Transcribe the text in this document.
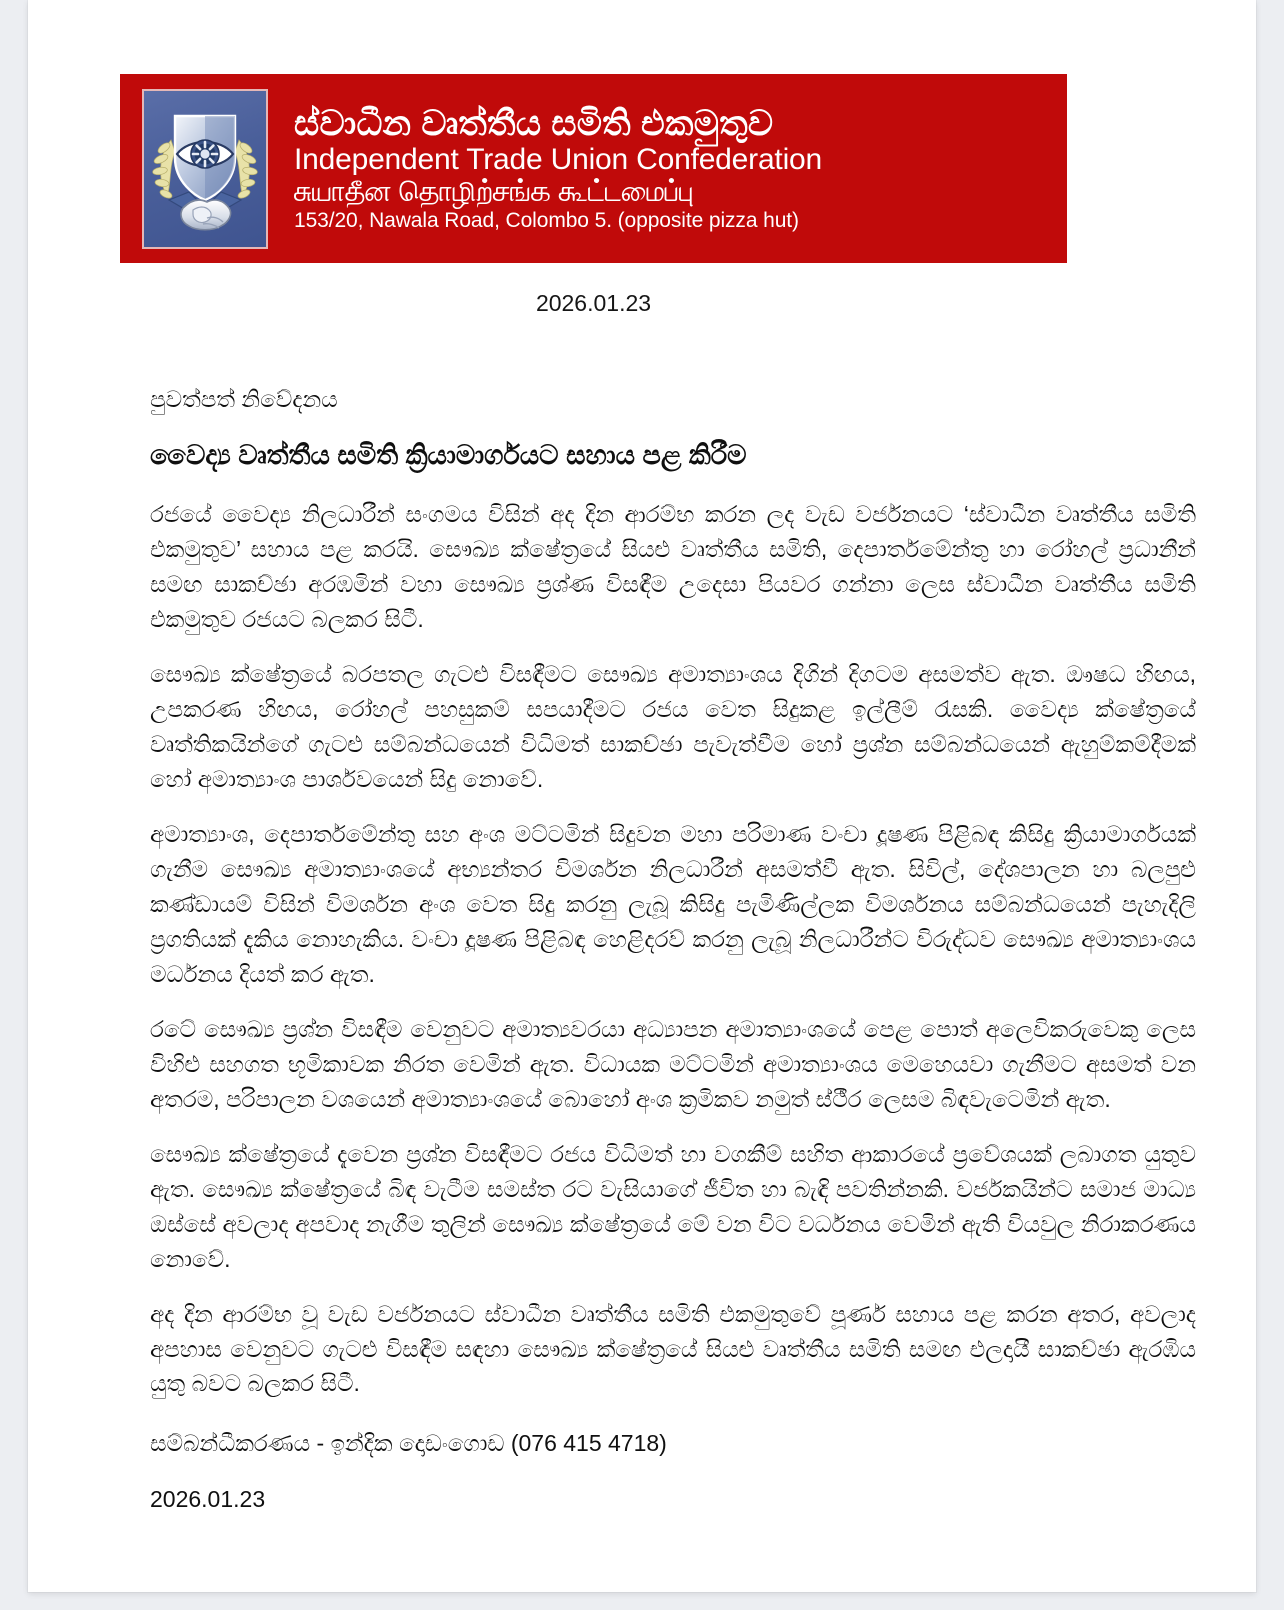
ස්වාධීන වෘත්තීය සමිති එකමුතුව
Independent Trade Union Confederation
சுயாதீன தொழிற்சங்க கூட்டமைப்பு
153/20, Nawala Road, Colombo 5. (opposite pizza hut)
2026.01.23

පුවත්පත් නිවේදනය

වෛද්‍ය වෘත්තීය සමිති ක්‍රියාමාර්ගයට සහාය පළ කිරීම

රජයේ වෛද්‍ය නිලධාරීන් සංගමය විසින් අද දින ආරම්භ කරන ලද වැඩ වර්ජනයට ‘ස්වාධීන වෘත්තීය සමිති එකමුතුව’ සහාය පළ කරයි. සෞඛ්‍ය ක්ෂේත්‍රයේ සියළු වෘත්තීය සමිති, දෙපාර්තමේන්තු හා රෝහල් ප්‍රධානීන් සමඟ සාකච්ඡා අරඹමින් වහා සෞඛ්‍ය ප්‍රශ්ණ විසඳීම උදෙසා පියවර ගන්නා ලෙස ස්වාධීන වෘත්තීය සමිති එකමුතුව රජයට බලකර සිටී.

සෞඛ්‍ය ක්ෂේත්‍රයේ බරපතල ගැටළු විසඳීමට සෞඛ්‍ය අමාත්‍යාංශය දිගින් දිගටම අසමත්ව ඇත. ඖෂධ හිඟය, උපකරණ හිඟය, රෝහල් පහසුකම් සපයාදීමට රජය වෙත සිදුකළ ඉල්ලීම් රැසකි. වෛද්‍ය ක්ෂේත්‍රයේ වෘත්තිකයින්ගේ ගැටළු සම්බන්ධයෙන් විධිමත් සාකච්ඡා පැවැත්වීම හෝ ප්‍රශ්න සම්බන්ධයෙන් ඇහුම්කම්දීමක් හෝ අමාත්‍යාංශ පාර්ශවයෙන් සිදු නොවේ.

අමාත්‍යාංශ, දෙපාර්තමේන්තු සහ අංශ මට්ටමින් සිදුවන මහා පරිමාණ වංචා දූෂණ පිළිබඳ කිසිදු ක්‍රියාමාර්ගයක් ගැනීම සෞඛ්‍ය අමාත්‍යාංශයේ අභ්‍යන්තර විමර්ශන නිලධාරීන් අසමත්වී ඇත. සිවිල්, දේශපාලන හා බලපුළු කණ්ඩායම් විසින් විමර්ශන අංශ වෙත සිදු කරනු ලැබූ කිසිදු පැමිණිල්ලක විමර්ශනය සම්බන්ධයෙන් පැහැදිලි ප්‍රගතියක් දැකිය නොහැකිය. වංචා දූෂණ පිළිබඳ හෙළිදරව් කරනු ලැබූ නිලධාරීන්ට විරුද්ධව සෞඛ්‍ය අමාත්‍යාංශය මර්ධනය දියත් කර ඇත.

රටේ සෞඛ්‍ය ප්‍රශ්න විසඳීම වෙනුවට අමාත්‍යවරයා අධ්‍යාපන අමාත්‍යාංශයේ පෙළ පොත් අලෙවිකරුවෙකු ලෙස විහිළු සහගත භූමිකාවක නිරත වෙමින් ඇත. විධායක මට්ටමින් අමාත්‍යාංශය මෙහෙයවා ගැනීමට අසමත් වන අතරම, පරිපාලන වශයෙන් අමාත්‍යාංශයේ බොහෝ අංශ ක්‍රමිකව නමුත් ස්ථීර ලෙසම බිඳවැටෙමින් ඇත.

සෞඛ්‍ය ක්ෂේත්‍රයේ දැවෙන ප්‍රශ්න විසඳීමට රජය විධිමත් හා වගකීම් සහිත ආකාරයේ ප්‍රවේශයක් ලබාගත යුතුව ඇත. සෞඛ්‍ය ක්ෂේත්‍රයේ බිඳ වැටීම සමස්ත රට වැසියාගේ ජීවිත හා බැඳි පවතින්නකි. වර්ජකයින්ට සමාජ මාධ්‍ය ඔස්සේ අවලාද අපවාද නැගීම තුලින් සෞඛ්‍ය ක්ෂේත්‍රයේ මේ වන විට වර්ධනය වෙමින් ඇති වියවුල නිරාකරණය නොවේ.

අද දින ආරම්භ වූ වැඩ වර්ජනයට ස්වාධීන වෘත්තීය සමිති එකමුතුවේ පූර්ණ සහාය පළ කරන අතර, අවලාද අපහාස වෙනුවට ගැටළු විසඳීම සඳහා සෞඛ්‍ය ක්ෂේත්‍රයේ සියළු වෘත්තීය සමිති සමඟ එලදායී සාකච්ඡා ඇරඹිය යුතු බවට බලකර සිටී.

සම්බන්ධීකරණය - ඉන්දික දොඩංගොඩ (076 415 4718)

2026.01.23
